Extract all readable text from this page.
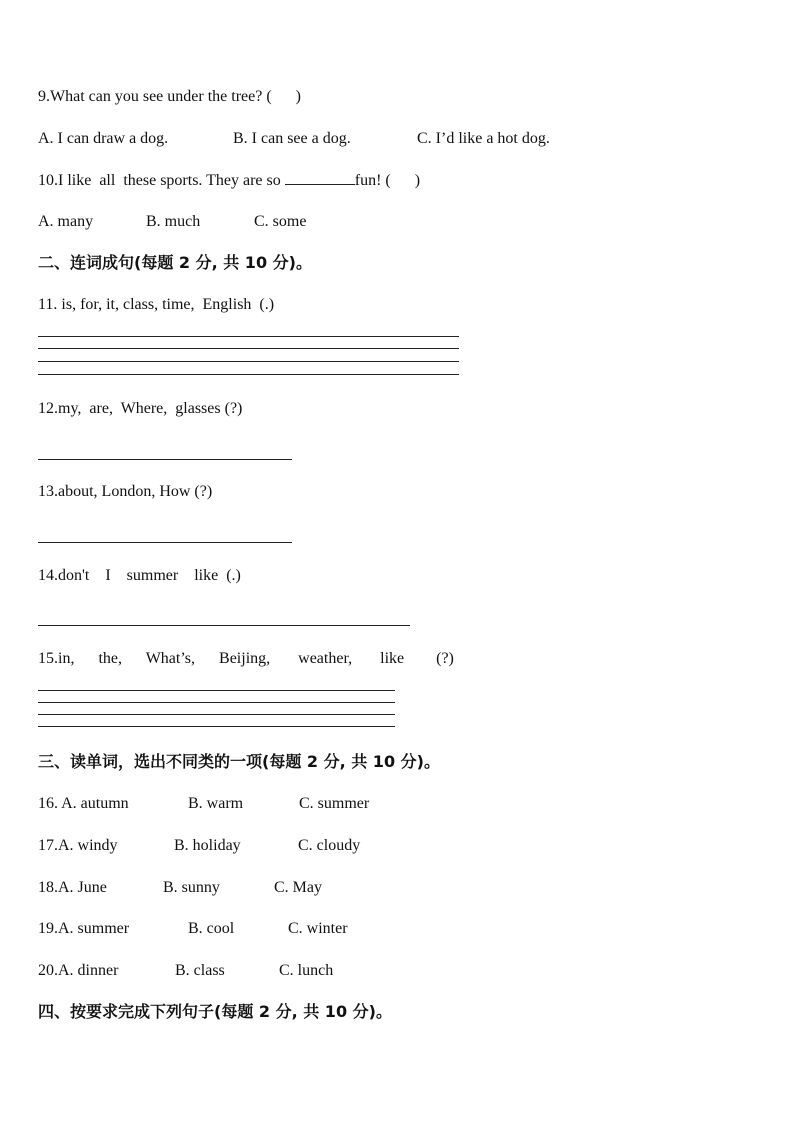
9.What can you see under the tree? (      )
A. I can draw a dog.	B. I can see a dog.	C. I’d like a hot dog.
10.I like  all  these sports. They are so	fun! (      )
A. many	B. much	C. some
二、连词成句(每题 2 分, 共 10 分)。
11. is, for, it, class, time,  English  (.)
12.my,  are,  Where,  glasses (?)
13.about, London, How (?)
14.don't    I    summer    like  (.)
15.in,      the,      What’s,      Beijing,       weather,       like        (?)
三、读单词，选出不同类的一项(每题 2 分, 共 10 分)。
16. A. autumn	B. warm	C. summer
17.A. windy	B. holiday	C. cloudy
18.A. June	B. sunny	C. May
19.A. summer	B. cool	C. winter
20.A. dinner	B. class	C. lunch
四、按要求完成下列句子(每题 2 分, 共 10 分)。
